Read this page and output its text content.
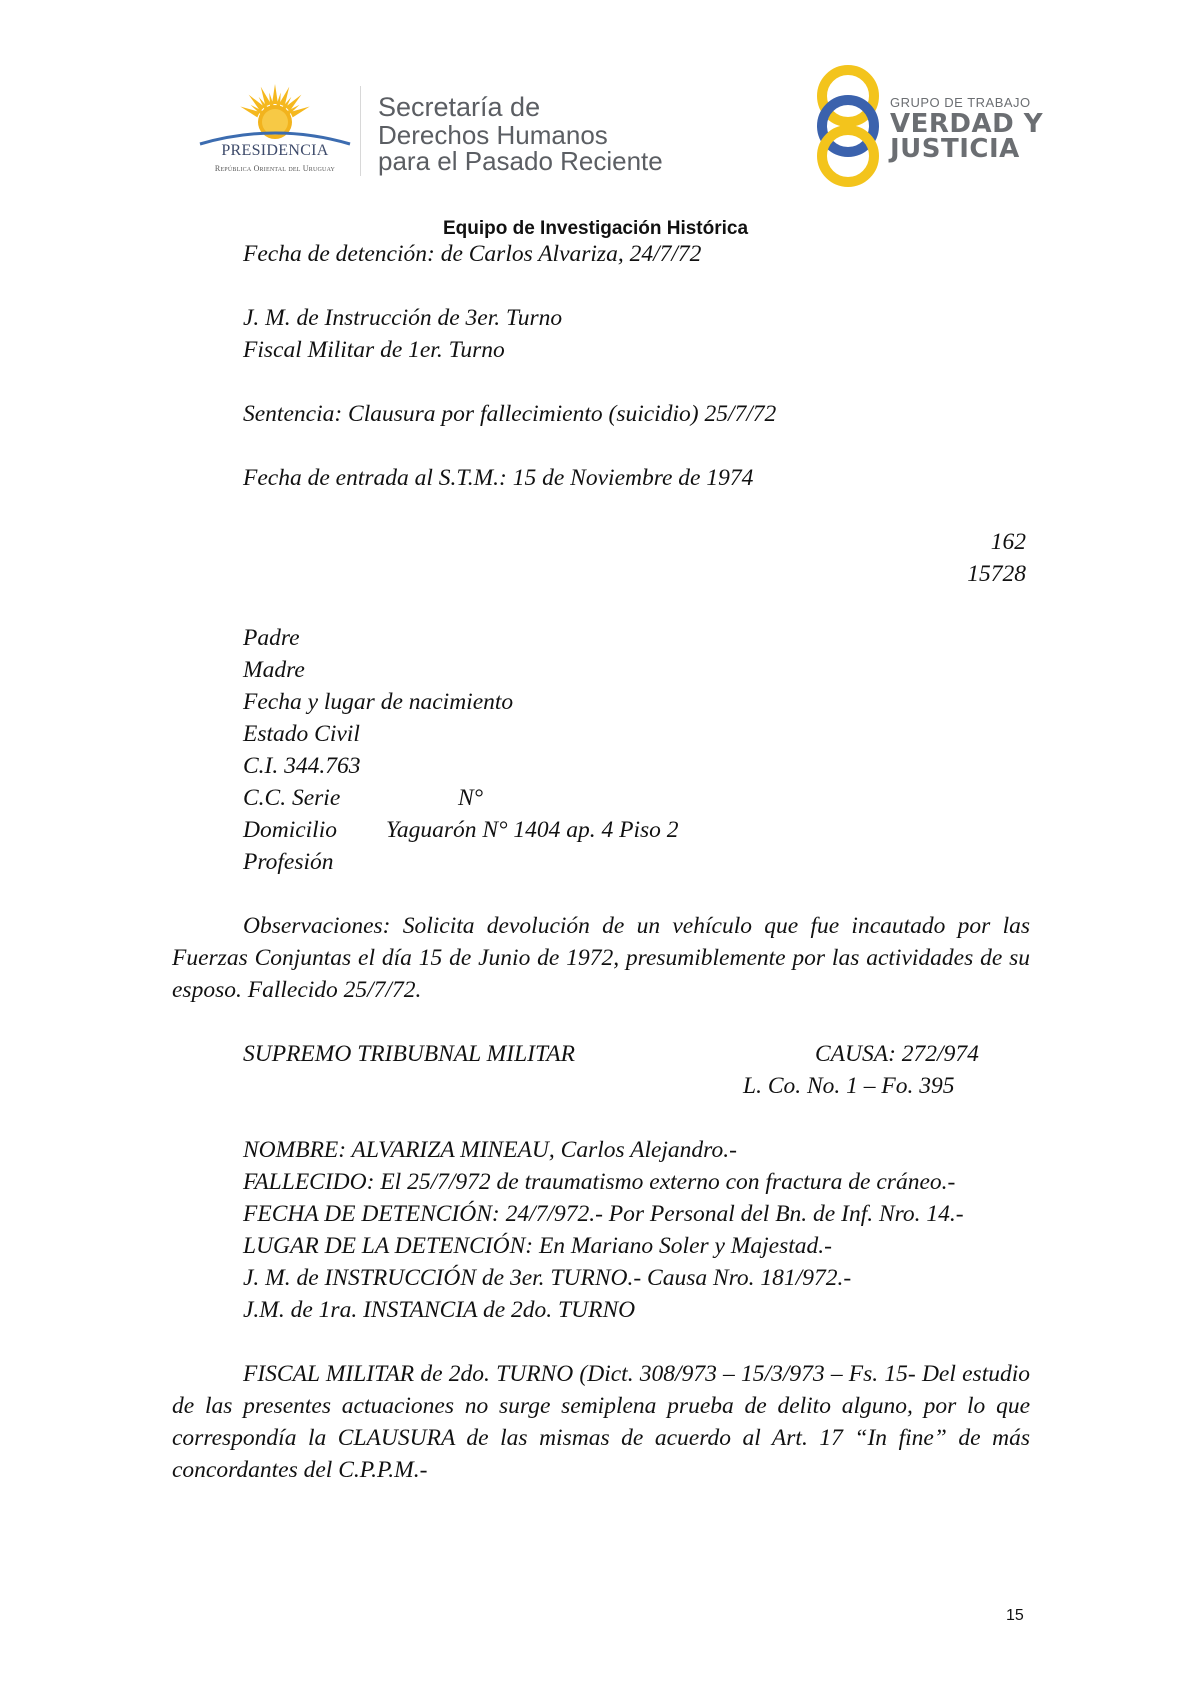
PRESIDENCIA
República Oriental del Uruguay
Secretaría de
Derechos Humanos
para el Pasado Reciente
GRUPO DE TRABAJO
VERDAD Y
JUSTICIA
Equipo de Investigación Histórica
Fecha de detención: de Carlos Alvariza, 24/7/72
J. M. de Instrucción de 3er. Turno
Fiscal Militar de 1er. Turno
Sentencia: Clausura por fallecimiento (suicidio) 25/7/72
Fecha de entrada al S.T.M.: 15 de Noviembre de 1974
162
15728
Padre
Madre
Fecha y lugar de nacimiento
Estado Civil
C.I. 344.763
C.C. Serie	N°
Domicilio Yaguarón N° 1404 ap. 4 Piso 2
Profesión
Observaciones: Solicita devolución de un vehículo que fue incautado por las Fuerzas Conjuntas el día 15 de Junio de 1972, presumiblemente por las actividades de su esposo. Fallecido 25/7/72.
SUPREMO TRIBUBNAL MILITAR	CAUSA: 272/974
L. Co. No. 1 – Fo. 395
NOMBRE: ALVARIZA MINEAU, Carlos Alejandro.-
FALLECIDO: El 25/7/972 de traumatismo externo con fractura de cráneo.-
FECHA DE DETENCIÓN: 24/7/972.- Por Personal del Bn. de Inf. Nro. 14.-
LUGAR DE LA DETENCIÓN: En Mariano Soler y Majestad.-
J. M. de INSTRUCCIÓN de 3er. TURNO.- Causa Nro. 181/972.-
J.M. de 1ra. INSTANCIA de 2do. TURNO
FISCAL MILITAR de 2do. TURNO (Dict. 308/973 – 15/3/973 – Fs. 15- Del estudio de las presentes actuaciones no surge semiplena prueba de delito alguno, por lo que correspondía la CLAUSURA de las mismas de acuerdo al Art. 17 “In fine” de más concordantes del C.P.P.M.-
15
